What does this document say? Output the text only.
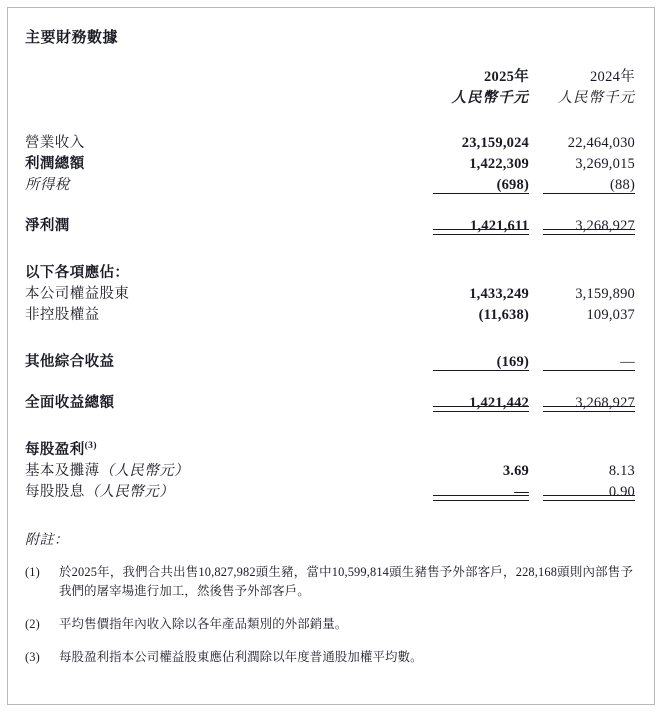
主要財務數據
	2025年	2024年
	人民幣千元	人民幣千元

營業收入	23,159,024	22,464,030
利潤總額	1,422,309	3,269,015
所得稅	(698)	(88)

淨利潤	1,421,611	3,268,927

以下各項應佔：		
本公司權益股東	1,433,249	3,159,890
非控股權益	(11,638)	109,037

其他綜合收益	(169)	—

全面收益總額	1,421,442	3,268,927

每股盈利$^{(3)}$		
基本及攤薄（人民幣元）	3.69	8.13
每股股息（人民幣元）	—	0.90

附註：
(1)	於2025年，我們合共出售10,827,982頭生豬，當中10,599,814頭生豬售予外部客戶，228,168頭則內部售予我們的屠宰場進行加工，然後售予外部客戶。
(2)	平均售價指年內收入除以各年產品類別的外部銷量。
(3)	每股盈利指本公司權益股東應佔利潤除以年度普通股加權平均數。
